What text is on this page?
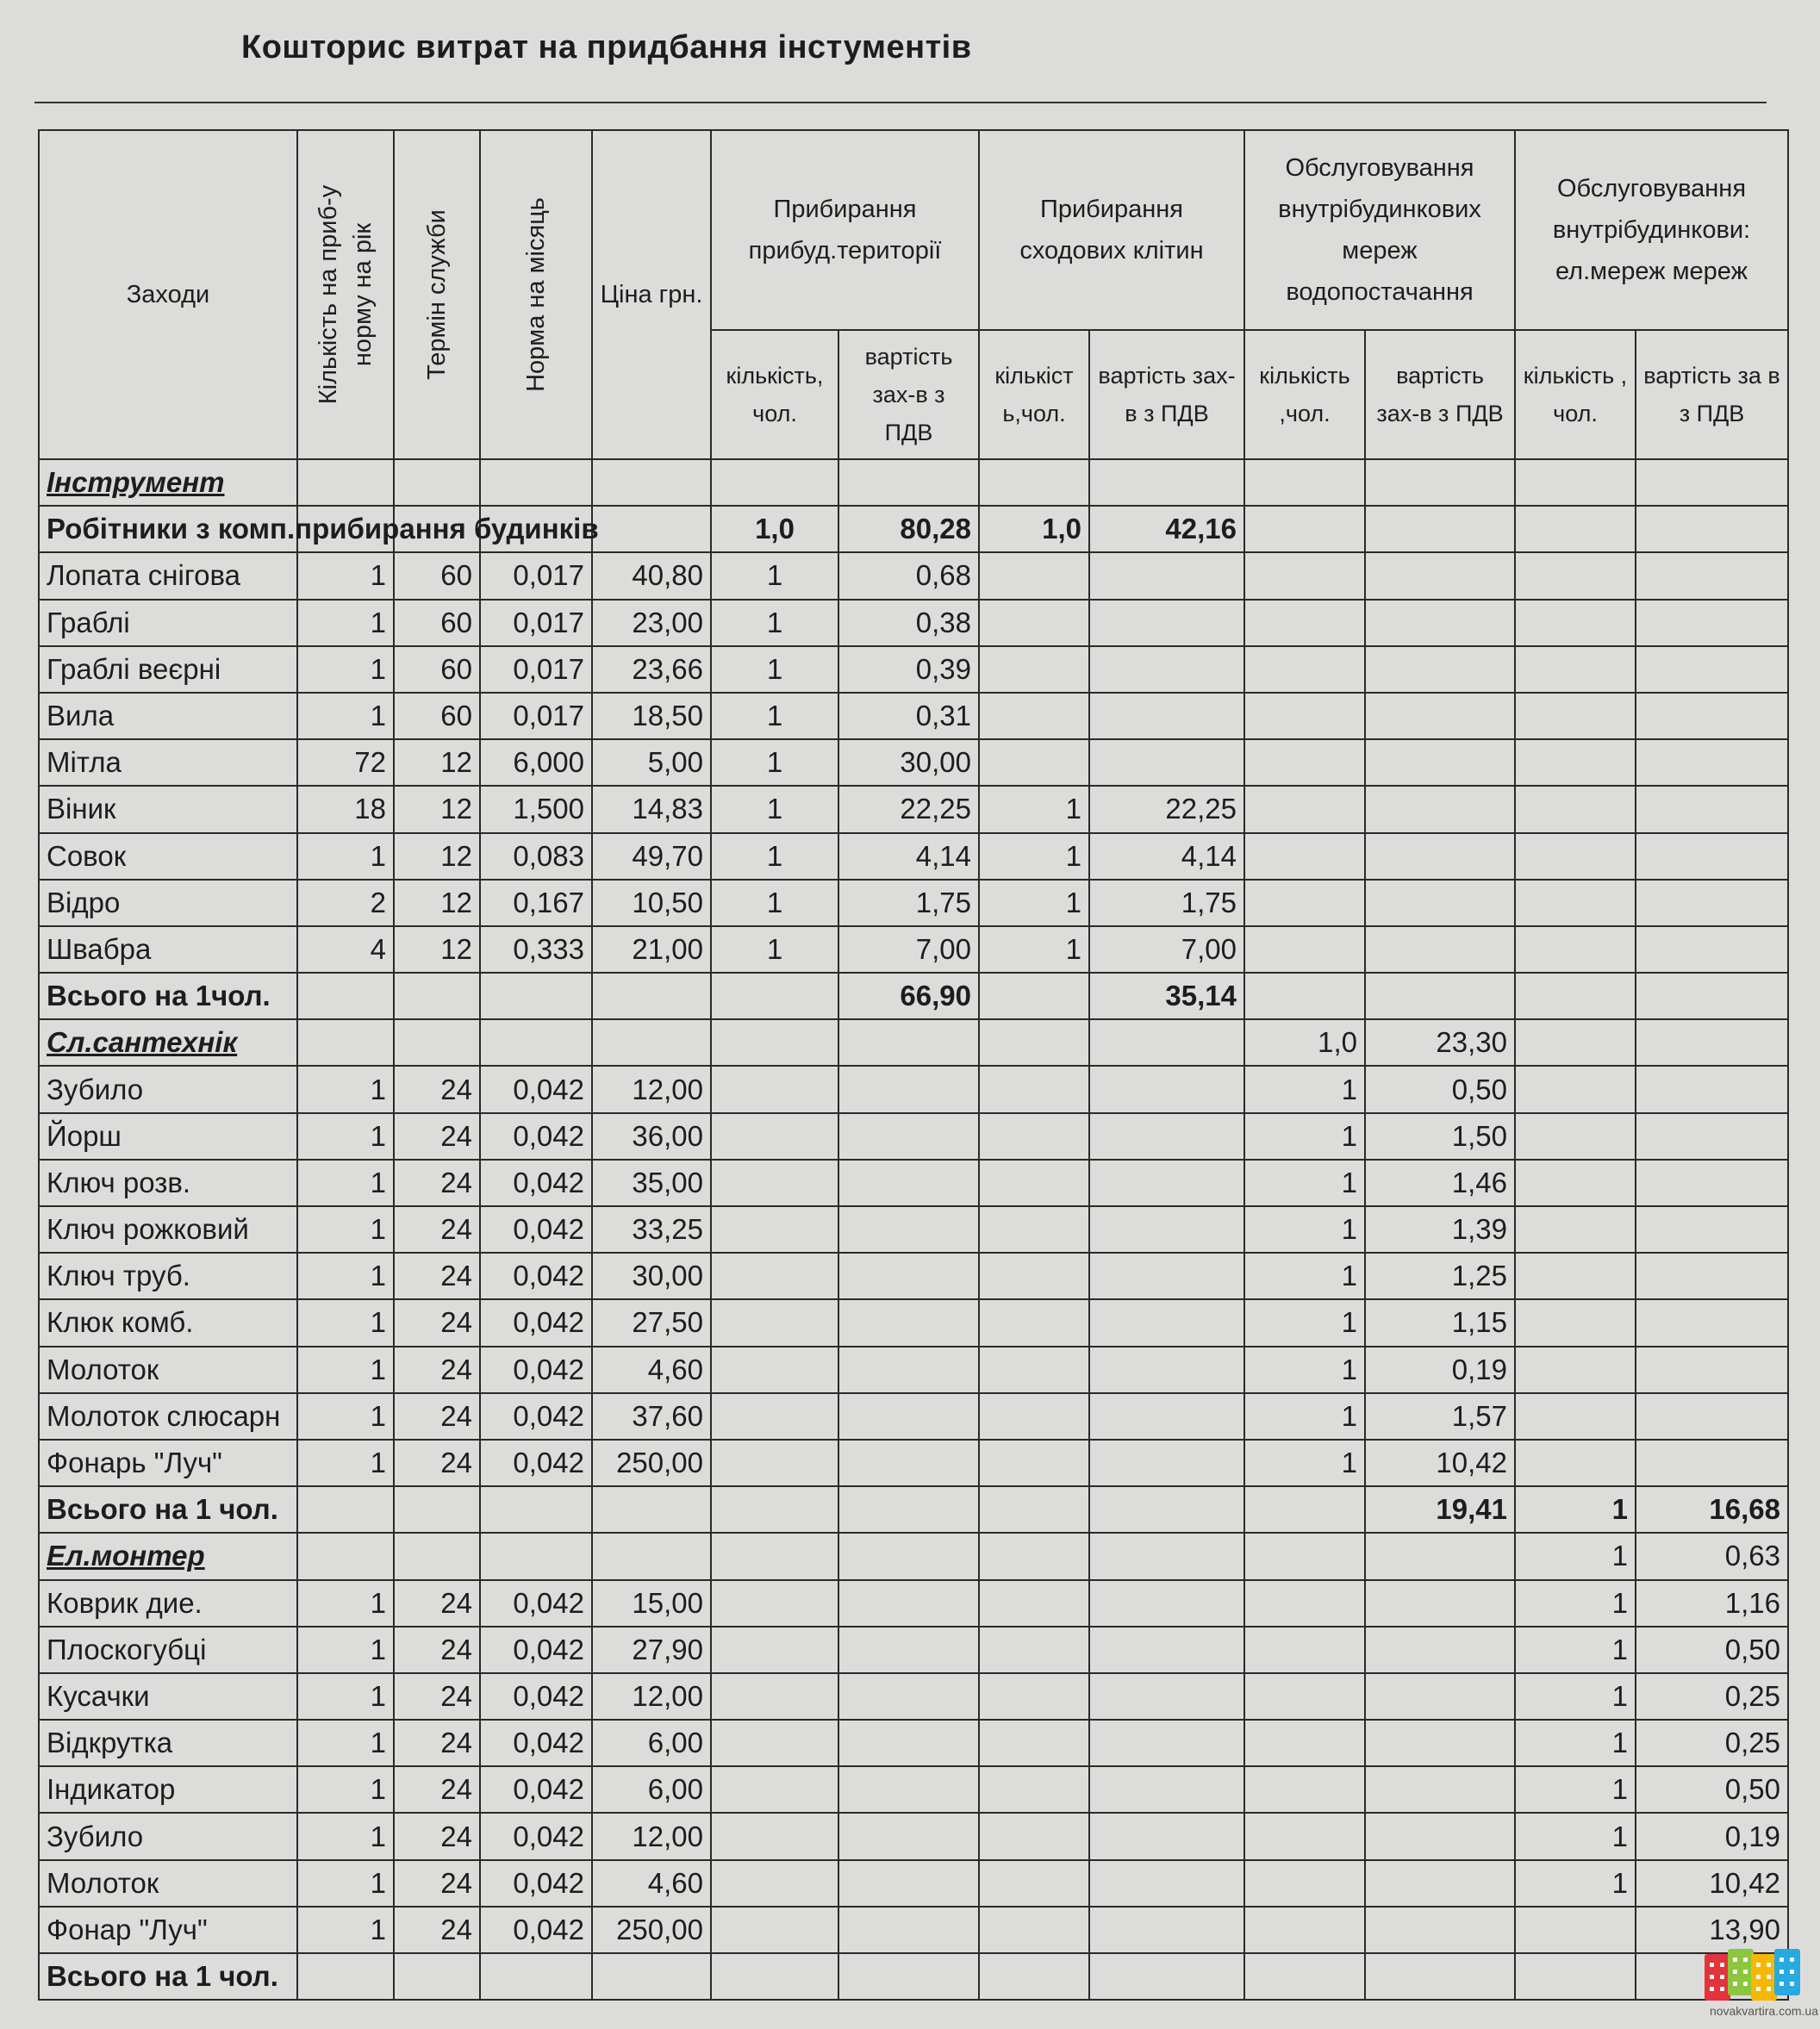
Кошторис витрат на придбання інстументів
Заходи	Кількість на приб-у нормy на рік	Термін служби	Норма на місяць	Ціна грн.	Прибирання прибуд.території		Прибирання сходових клітин		Обслуговування внутрібудинкових мереж водопостачання		Обслуговування внутрібудинкови: ел.мереж мереж	
					кількість, чол.	вартість зах-в з ПДВ	кількіст ь,чол.	вартість зах- в з ПДВ	кількість ,чол.	вартість зах-в з ПДВ	кількість , чол.	вартість за в з ПДВ
Інструмент												
Робітники з комп.прибирання будинків					1,0	80,28	1,0	42,16				
Лопата снігова	1	60	0,017	40,80	1	0,68						
Граблі	1	60	0,017	23,00	1	0,38						
Граблі веєрні	1	60	0,017	23,66	1	0,39						
Вила	1	60	0,017	18,50	1	0,31						
Мітла	72	12	6,000	5,00	1	30,00						
Віник	18	12	1,500	14,83	1	22,25	1	22,25				
Совок	1	12	0,083	49,70	1	4,14	1	4,14				
Відро	2	12	0,167	10,50	1	1,75	1	1,75				
Швабра	4	12	0,333	21,00	1	7,00	1	7,00				
Всього на 1чол.						66,90		35,14				
Сл.сантехнік									1,0	23,30		
Зубило	1	24	0,042	12,00					1	0,50		
Йорш	1	24	0,042	36,00					1	1,50		
Ключ розв.	1	24	0,042	35,00					1	1,46		
Ключ рожковий	1	24	0,042	33,25					1	1,39		
Ключ труб.	1	24	0,042	30,00					1	1,25		
Клюк комб.	1	24	0,042	27,50					1	1,15		
Молоток	1	24	0,042	4,60					1	0,19		
Молоток слюсарн	1	24	0,042	37,60					1	1,57		
Фонарь "Луч"	1	24	0,042	250,00					1	10,42		
Всього на 1 чол.										19,41	1	16,68
Ел.монтер											1	0,63
Коврик дие.	1	24	0,042	15,00							1	1,16
Плоскогубці	1	24	0,042	27,90							1	0,50
Кусачки	1	24	0,042	12,00							1	0,25
Відкрутка	1	24	0,042	6,00							1	0,25
Індикатор	1	24	0,042	6,00							1	0,50
Зубило	1	24	0,042	12,00							1	0,19
Молоток	1	24	0,042	4,60							1	10,42
Фонар "Луч"	1	24	0,042	250,00								13,90
Всього на 1 чол.												
novakvartira.com.ua
